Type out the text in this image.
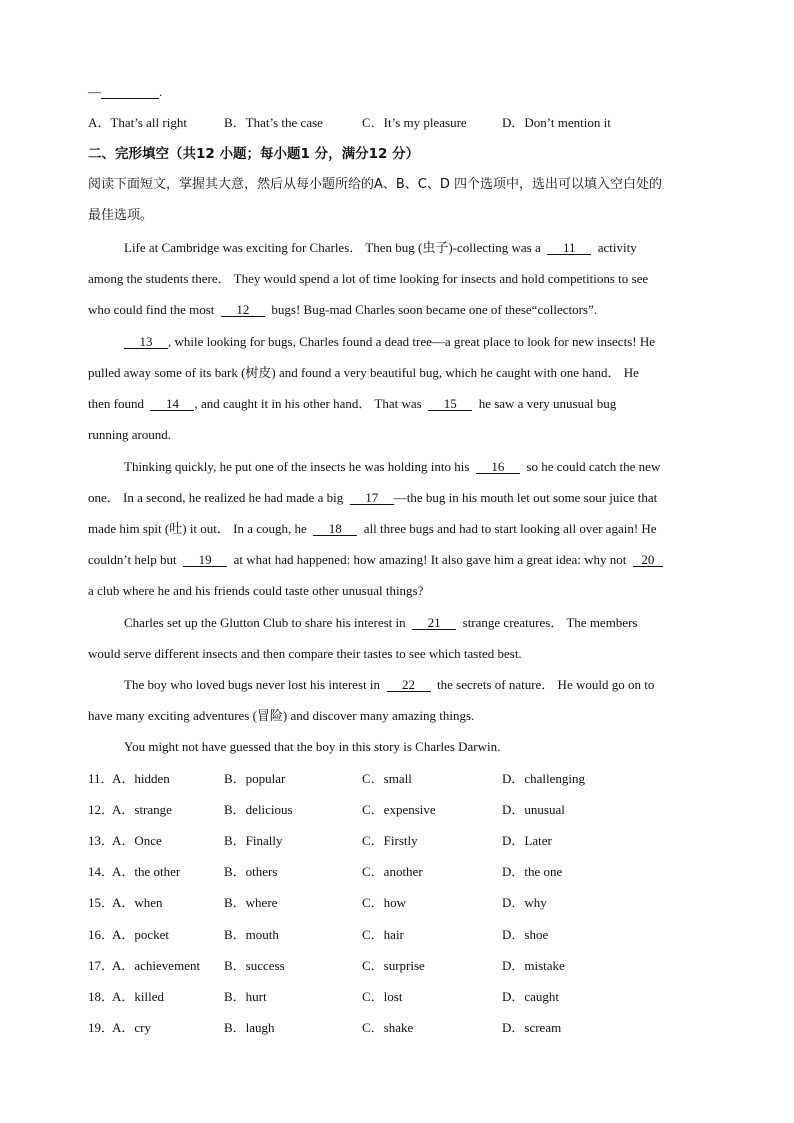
—	.
A．That’s all right	B．That’s the case	C．It’s my pleasure	D．Don’t mention it
二、完形填空（共12 小题；每小题1 分，满分12 分）
阅读下面短文，掌握其大意，然后从每小题所给的A、B、C、D 四个选项中，选出可以填入空白处的
最佳选项。
Life at Cambridge was exciting for Charles． Then bug (虫子)-collecting was a 11 activity
among the students there． They would spend a lot of time looking for insects and hold competitions to see
who could find the most 12 bugs! Bug-mad Charles soon became one of these“collectors”.
13 , while looking for bugs, Charles found a dead tree—a great place to look for new insects! He
pulled away some of its bark (树皮) and found a very beautiful bug, which he caught with one hand． He
then found 14 , and caught it in his other hand． That was 15 he saw a very unusual bug
running around.
Thinking quickly, he put one of the insects he was holding into his 16 so he could catch the new
one． In a second, he realized he had made a big 17 —the bug in his mouth let out some sour juice that
made him spit (吐) it out． In a cough, he 18 all three bugs and had to start looking all over again! He
couldn’t help but 19 at what had happened: how amazing! It also gave him a great idea: why not 20
a club where he and his friends could taste other unusual things?
Charles set up the Glutton Club to share his interest in 21 strange creatures． The members
would serve different insects and then compare their tastes to see which tasted best.
The boy who loved bugs never lost his interest in 22 the secrets of nature． He would go on to
have many exciting adventures (冒险) and discover many amazing things.
You might not have guessed that the boy in this story is Charles Darwin.
11．
A．hidden	B．popular	C．small	D．challenging
12．
A．strange	B．delicious	C．expensive	D．unusual
13．
A．Once	B．Finally	C．Firstly	D．Later
14．
A．the other	B．others	C．another	D．the one
15．
A．when	B．where	C．how	D．why
16．
A．pocket	B．mouth	C．hair	D．shoe
17．
A．achievement B．success	C．surprise	D．mistake
18．
A．killed	B．hurt	C．lost	D．caught
19．
A．cry	B．laugh	C．shake	D．scream
